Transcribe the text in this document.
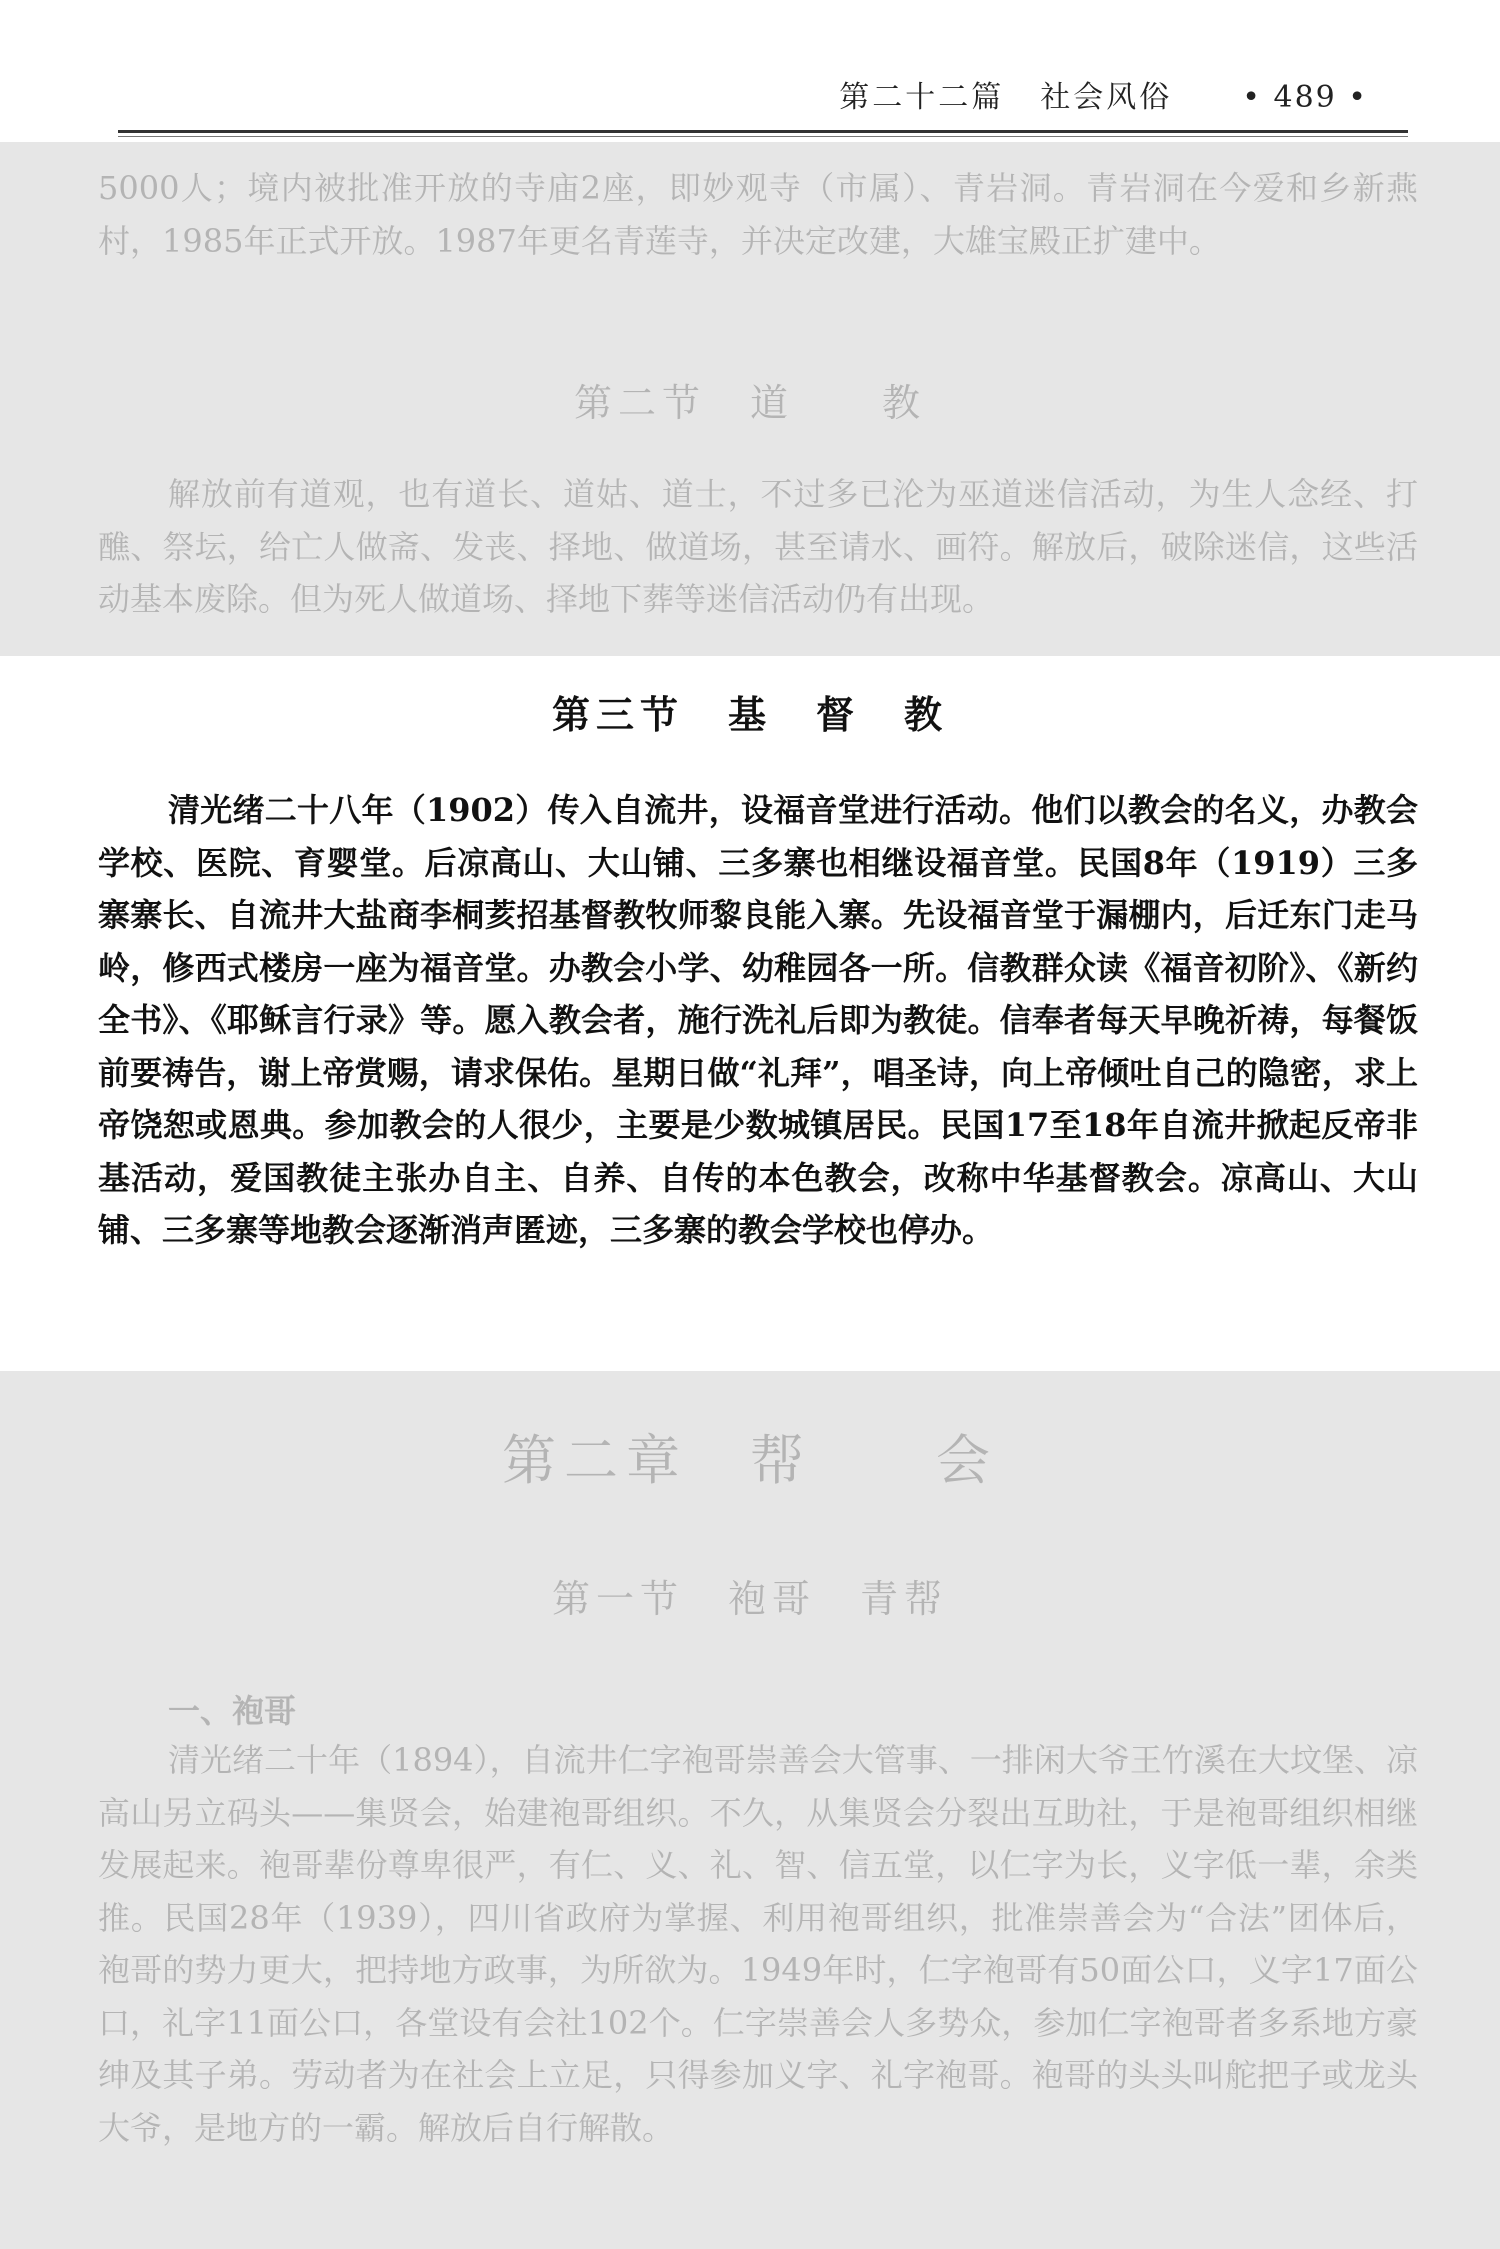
第二十二篇 社会风俗 • 489 •

5000人；境内被批准开放的寺庙2座，即妙观寺（市属）、青岩洞。青岩洞在今爱和乡新燕村，1985年正式开放。1987年更名青莲寺，并决定改建，大雄宝殿正扩建中。

第二节　道　　教

解放前有道观，也有道长、道姑、道士，不过多已沦为巫道迷信活动，为生人念经、打醮、祭坛，给亡人做斋、发丧、择地、做道场，甚至请水、画符。解放后，破除迷信，这些活动基本废除。但为死人做道场、择地下葬等迷信活动仍有出现。

第三节　基　督　教

清光绪二十八年（1902）传入自流井，设福音堂进行活动。他们以教会的名义，办教会学校、医院、育婴堂。后凉高山、大山铺、三多寨也相继设福音堂。民国8年（1919）三多寨寨长、自流井大盐商李桐荄招基督教牧师黎良能入寨。先设福音堂于漏棚内，后迁东门走马岭，修西式楼房一座为福音堂。办教会小学、幼稚园各一所。信教群众读《福音初阶》、《新约全书》、《耶稣言行录》等。愿入教会者，施行洗礼后即为教徒。信奉者每天早晚祈祷，每餐饭前要祷告，谢上帝赏赐，请求保佑。星期日做“礼拜”，唱圣诗，向上帝倾吐自己的隐密，求上帝饶恕或恩典。参加教会的人很少，主要是少数城镇居民。民国17至18年自流井掀起反帝非基活动，爱国教徒主张办自主、自养、自传的本色教会，改称中华基督教会。凉高山、大山铺、三多寨等地教会逐渐消声匿迹，三多寨的教会学校也停办。

第二章　帮　　会
第一节　袍哥　青帮
一、袍哥

清光绪二十年（1894），自流井仁字袍哥崇善会大管事、一排闲大爷王竹溪在大坟堡、凉高山另立码头——集贤会，始建袍哥组织。不久，从集贤会分裂出互助社，于是袍哥组织相继发展起来。袍哥辈份尊卑很严，有仁、义、礼、智、信五堂，以仁字为长，义字低一辈，余类推。民国28年（1939），四川省政府为掌握、利用袍哥组织，批准崇善会为“合法”团体后，袍哥的势力更大，把持地方政事，为所欲为。1949年时，仁字袍哥有50面公口，义字17面公口，礼字11面公口，各堂设有会社102个。仁字崇善会人多势众，参加仁字袍哥者多系地方豪绅及其子弟。劳动者为在社会上立足，只得参加义字、礼字袍哥。袍哥的头头叫舵把子或龙头大爷，是地方的一霸。解放后自行解散。
